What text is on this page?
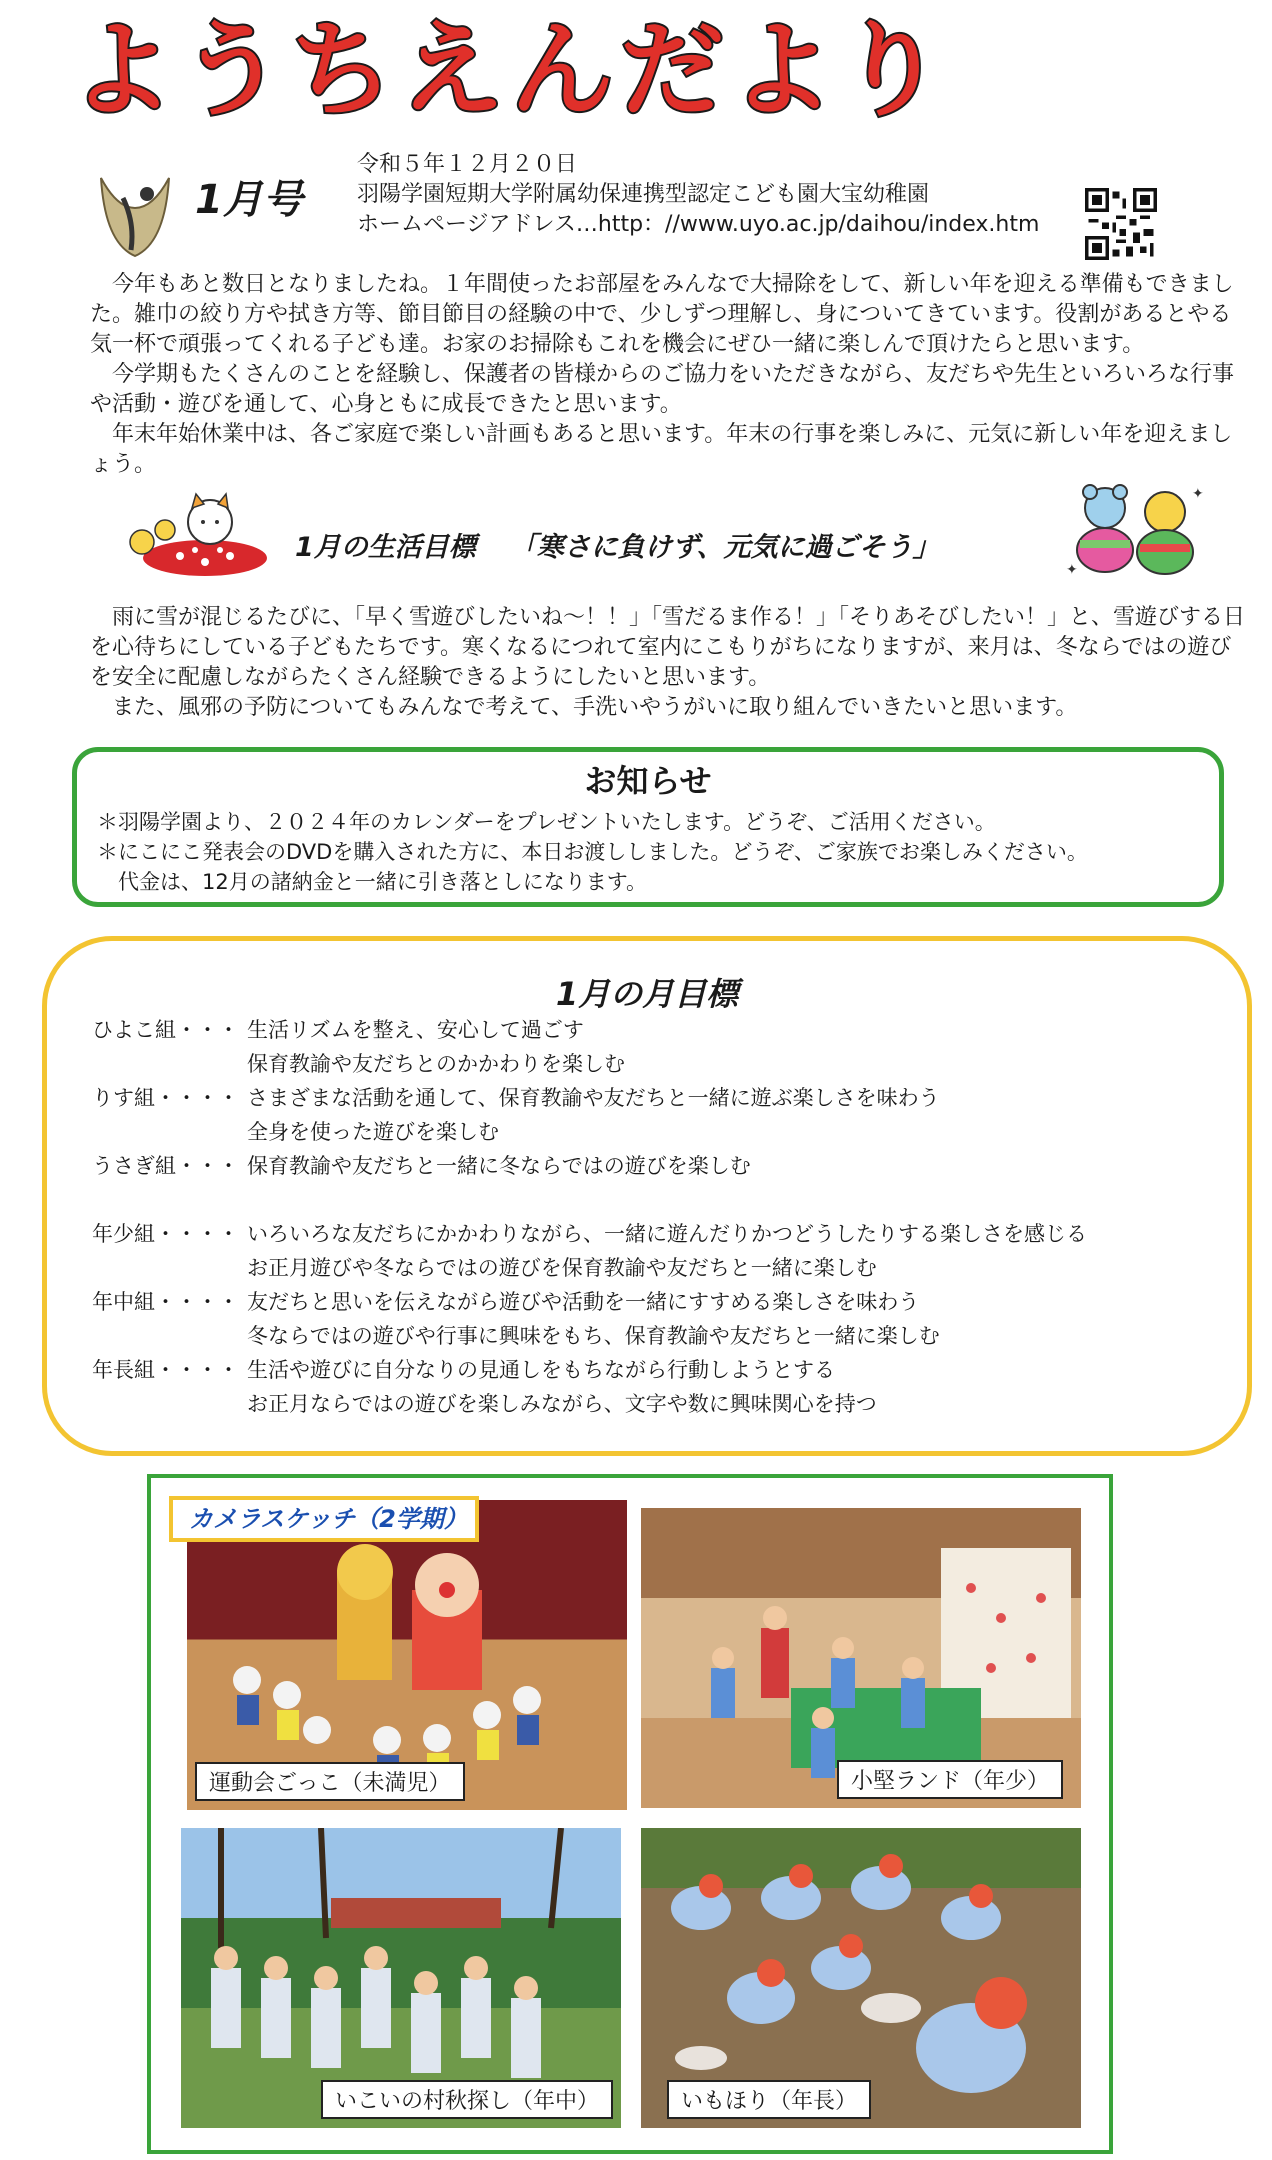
ようちえんだより
1月号
令和５年１２月２０日
羽陽学園短期大学附属幼保連携型認定こども園大宝幼稚園
ホームページアドレス…http：//www.uyo.ac.jp/daihou/index.htm

今年もあと数日となりましたね。１年間使ったお部屋をみんなで大掃除をして、新しい年を迎える準備もできました。雑巾の絞り方や拭き方等、節目節目の経験の中で、少しずつ理解し、身についてきています。役割があるとやる気一杯で頑張ってくれる子ども達。お家のお掃除もこれを機会にぜひ一緒に楽しんで頂けたらと思います。

今学期もたくさんのことを経験し、保護者の皆様からのご協力をいただきながら、友だちや先生といろいろな行事や活動・遊びを通して、心身ともに成長できたと思います。

年末年始休業中は、各ご家庭で楽しい計画もあると思います。年末の行事を楽しみに、元気に新しい年を迎えましょう。

1月の生活目標 「寒さに負けず、元気に過ごそう」
✦
✦

雨に雪が混じるたびに、「早く雪遊びしたいね〜！！」「雪だるま作る！」「そりあそびしたい！」と、雪遊びする日を心待ちにしている子どもたちです。寒くなるにつれて室内にこもりがちになりますが、来月は、冬ならではの遊びを安全に配慮しながらたくさん経験できるようにしたいと思います。

また、風邪の予防についてもみんなで考えて、手洗いやうがいに取り組んでいきたいと思います。

お知らせ
＊羽陽学園より、２０２４年のカレンダーをプレゼントいたします。どうぞ、ご活用ください。
＊にこにこ発表会のDVDを購入された方に、本日お渡ししました。どうぞ、ご家族でお楽しみください。
　代金は、12月の諸納金と一緒に引き落としになります。
1月の月目標
ひよこ組・・・ 生活リズムを整え、安心して過ごす
保育教諭や友だちとのかかわりを楽しむ
りす組・・・・ さまざまな活動を通して、保育教諭や友だちと一緒に遊ぶ楽しさを味わう
全身を使った遊びを楽しむ
うさぎ組・・・ 保育教諭や友だちと一緒に冬ならではの遊びを楽しむ
年少組・・・・ いろいろな友だちにかかわりながら、一緒に遊んだりかつどうしたりする楽しさを感じる
お正月遊びや冬ならではの遊びを保育教諭や友だちと一緒に楽しむ
年中組・・・・ 友だちと思いを伝えながら遊びや活動を一緒にすすめる楽しさを味わう
冬ならではの遊びや行事に興味をもち、保育教諭や友だちと一緒に楽しむ
年長組・・・・ 生活や遊びに自分なりの見通しをもちながら行動しようとする
お正月ならではの遊びを楽しみながら、文字や数に興味関心を持つ
カメラスケッチ（2学期）
運動会ごっこ（未満児）	小堅ランド（年少）
いこいの村秋探し（年中）	いもほり（年長）
